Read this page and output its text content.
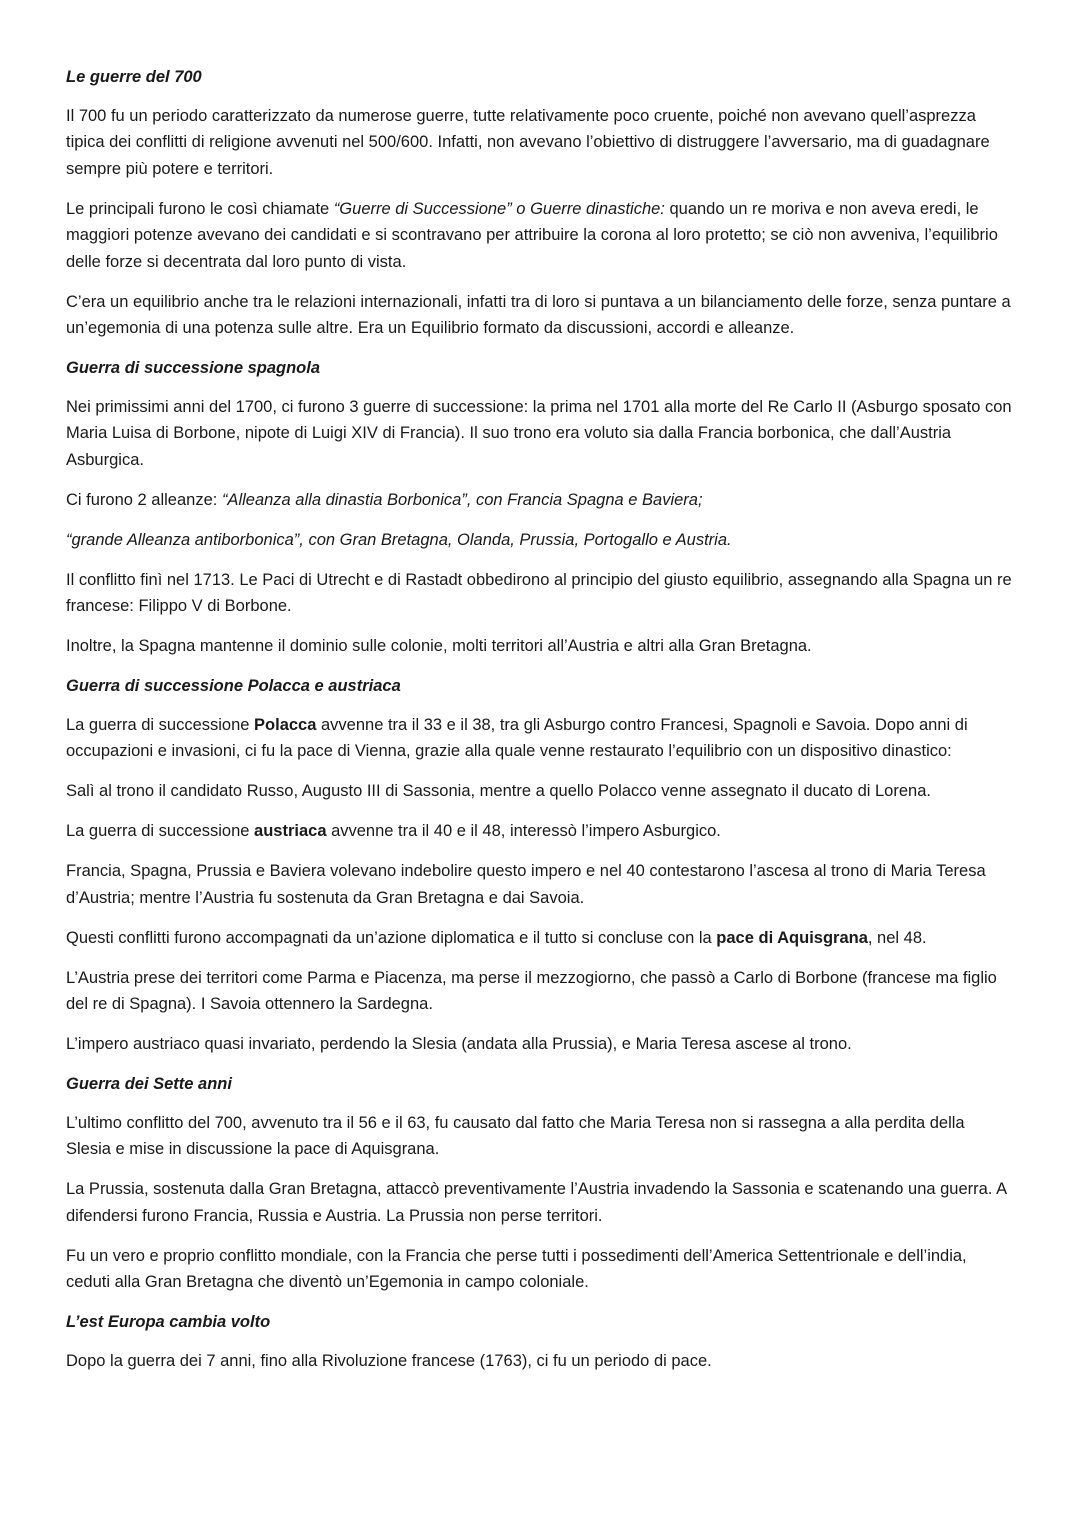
Le guerre del 700

Il 700 fu un periodo caratterizzato da numerose guerre, tutte relativamente poco cruente, poiché non avevano quell’asprezza tipica dei conflitti di religione avvenuti nel 500/600. Infatti, non avevano l’obiettivo di distruggere l’avversario, ma di guadagnare sempre più potere e territori.

Le principali furono le così chiamate “Guerre di Successione” o Guerre dinastiche: quando un re moriva e non aveva eredi, le maggiori potenze avevano dei candidati e si scontravano per attribuire la corona al loro protetto; se ciò non avveniva, l’equilibrio delle forze si decentrata dal loro punto di vista.

C’era un equilibrio anche tra le relazioni internazionali, infatti tra di loro si puntava a un bilanciamento delle forze, senza puntare a un’egemonia di una potenza sulle altre. Era un Equilibrio formato da discussioni, accordi e alleanze.

Guerra di successione spagnola

Nei primissimi anni del 1700, ci furono 3 guerre di successione: la prima nel 1701 alla morte del Re Carlo II (Asburgo sposato con Maria Luisa di Borbone, nipote di Luigi XIV di Francia). Il suo trono era voluto sia dalla Francia borbonica, che dall’Austria Asburgica.

Ci furono 2 alleanze: “Alleanza alla dinastia Borbonica”, con Francia Spagna e Baviera;

“grande Alleanza antiborbonica”, con Gran Bretagna, Olanda, Prussia, Portogallo e Austria.

Il conflitto finì nel 1713. Le Paci di Utrecht e di Rastadt obbedirono al principio del giusto equilibrio, assegnando alla Spagna un re francese: Filippo V di Borbone.

Inoltre, la Spagna mantenne il dominio sulle colonie, molti territori all’Austria e altri alla Gran Bretagna.

Guerra di successione Polacca e austriaca

La guerra di successione Polacca avvenne tra il 33 e il 38, tra gli Asburgo contro Francesi, Spagnoli e Savoia. Dopo anni di occupazioni e invasioni, ci fu la pace di Vienna, grazie alla quale venne restaurato l’equilibrio con un dispositivo dinastico:

Salì al trono il candidato Russo, Augusto III di Sassonia, mentre a quello Polacco venne assegnato il ducato di Lorena.

La guerra di successione austriaca avvenne tra il 40 e il 48, interessò l’impero Asburgico.

Francia, Spagna, Prussia e Baviera volevano indebolire questo impero e nel 40 contestarono l’ascesa al trono di Maria Teresa d’Austria; mentre l’Austria fu sostenuta da Gran Bretagna e dai Savoia.

Questi conflitti furono accompagnati da un’azione diplomatica e il tutto si concluse con la pace di Aquisgrana, nel 48.

L’Austria prese dei territori come Parma e Piacenza, ma perse il mezzogiorno, che passò a Carlo di Borbone (francese ma figlio del re di Spagna). I Savoia ottennero la Sardegna.

L’impero austriaco quasi invariato, perdendo la Slesia (andata alla Prussia), e Maria Teresa ascese al trono.

Guerra dei Sette anni

L’ultimo conflitto del 700, avvenuto tra il 56 e il 63, fu causato dal fatto che Maria Teresa non si rassegna a alla perdita della Slesia e mise in discussione la pace di Aquisgrana.

La Prussia, sostenuta dalla Gran Bretagna, attaccò preventivamente l’Austria invadendo la Sassonia e scatenando una guerra. A difendersi furono Francia, Russia e Austria. La Prussia non perse territori.

Fu un vero e proprio conflitto mondiale, con la Francia che perse tutti i possedimenti dell’America Settentrionale e dell’india, ceduti alla Gran Bretagna che diventò un’Egemonia in campo coloniale.

L’est Europa cambia volto

Dopo la guerra dei 7 anni, fino alla Rivoluzione francese (1763), ci fu un periodo di pace.
